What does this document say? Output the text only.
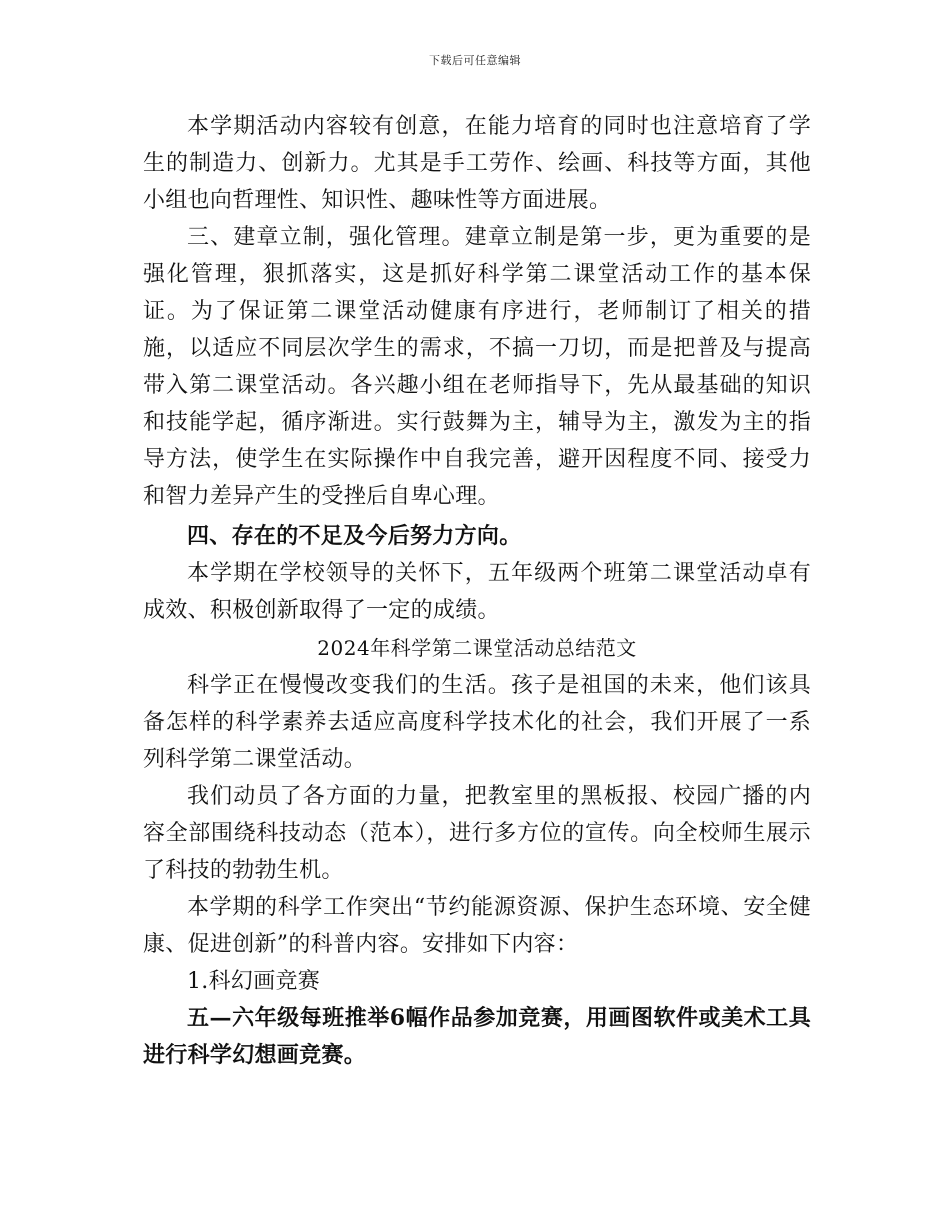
下载后可任意编辑

本学期活动内容较有创意，在能力培育的同时也注意培育了学生的制造力、创新力。尤其是手工劳作、绘画、科技等方面，其他小组也向哲理性、知识性、趣味性等方面进展。

三、建章立制，强化管理。建章立制是第一步，更为重要的是强化管理，狠抓落实，这是抓好科学第二课堂活动工作的基本保证。为了保证第二课堂活动健康有序进行，老师制订了相关的措施，以适应不同层次学生的需求，不搞一刀切，而是把普及与提高带入第二课堂活动。各兴趣小组在老师指导下，先从最基础的知识和技能学起，循序渐进。实行鼓舞为主，辅导为主，激发为主的指导方法，使学生在实际操作中自我完善，避开因程度不同、接受力和智力差异产生的受挫后自卑心理。

四、存在的不足及今后努力方向。

本学期在学校领导的关怀下，五年级两个班第二课堂活动卓有成效、积极创新取得了一定的成绩。

2024年科学第二课堂活动总结范文

科学正在慢慢改变我们的生活。孩子是祖国的未来，他们该具备怎样的科学素养去适应高度科学技术化的社会，我们开展了一系列科学第二课堂活动。

我们动员了各方面的力量，把教室里的黑板报、校园广播的内容全部围绕科技动态（范本），进行多方位的宣传。向全校师生展示了科技的勃勃生机。

本学期的科学工作突出“节约能源资源、保护生态环境、安全健康、促进创新”的科普内容。安排如下内容：

1.科幻画竞赛

五—六年级每班推举6幅作品参加竞赛，用画图软件或美术工具进行科学幻想画竞赛。
